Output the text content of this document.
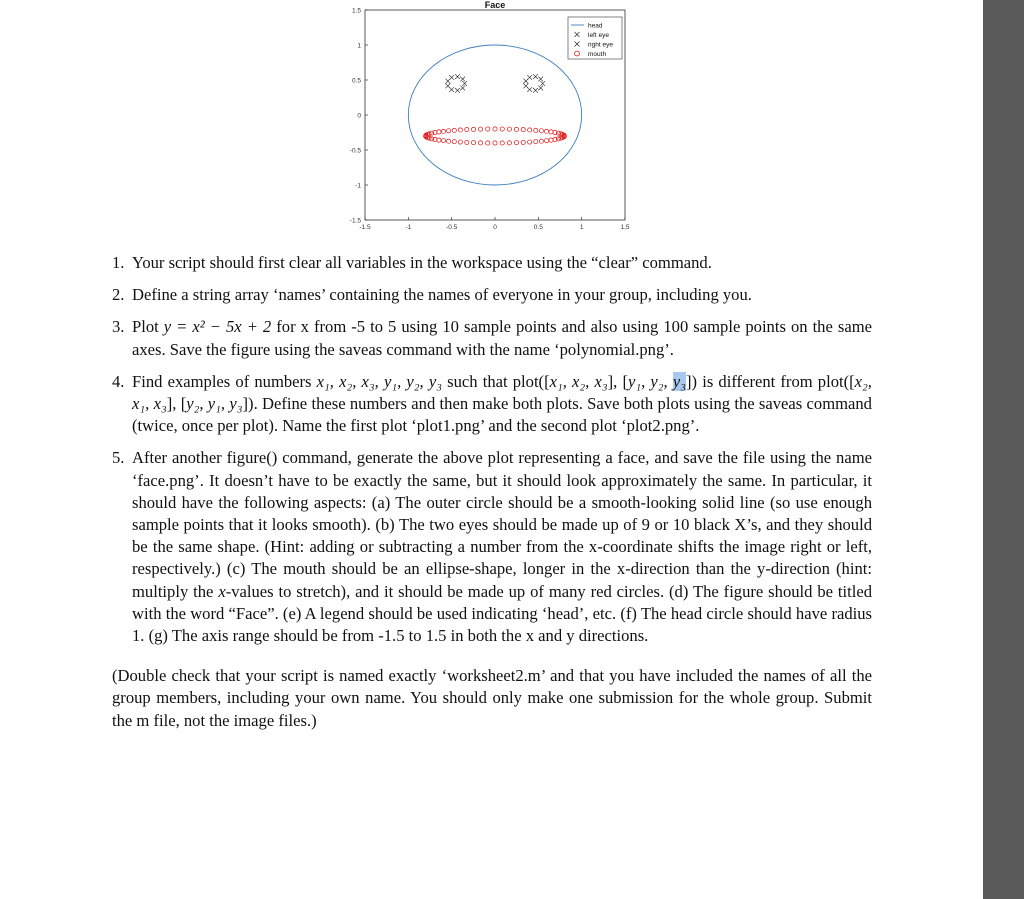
Face
-1.5	-1	-0.5	0	0.5	1	1.5
1.5
1
0.5
0
-0.5
-1
-1.5
head
left eye
right eye
mouth
1. Your script should first clear all variables in the workspace using the “clear” command.
2. Define a string array ‘names’ containing the names of everyone in your group, including you.
3. Plot y = x² − 5x + 2 for x from -5 to 5 using 10 sample points and also using 100 sample points on the same axes. Save the figure using the saveas command with the name ‘polynomial.png’.
4. Find examples of numbers x₁, x₂, x₃, y₁, y₂, y₃ such that plot([x₁, x₂, x₃], [y₁, y₂, y₃]) is different from plot([x₂, x₁, x₃], [y₂, y₁, y₃]). Define these numbers and then make both plots. Save both plots using the saveas command (twice, once per plot). Name the first plot ‘plot1.png’ and the second plot ‘plot2.png’.
5. After another figure() command, generate the above plot representing a face, and save the file using the name ‘face.png’. It doesn’t have to be exactly the same, but it should look approximately the same. In particular, it should have the following aspects: (a) The outer circle should be a smooth-looking solid line (so use enough sample points that it looks smooth). (b) The two eyes should be made up of 9 or 10 black X’s, and they should be the same shape. (Hint: adding or subtracting a number from the x-coordinate shifts the image right or left, respectively.) (c) The mouth should be an ellipse-shape, longer in the x-direction than the y-direction (hint: multiply the x-values to stretch), and it should be made up of many red circles. (d) The figure should be titled with the word “Face”. (e) A legend should be used indicating ‘head’, etc. (f) The head circle should have radius 1. (g) The axis range should be from -1.5 to 1.5 in both the x and y directions.

(Double check that your script is named exactly ‘worksheet2.m’ and that you have included the names of all the group members, including your own name. You should only make one submission for the whole group. Submit the m file, not the image files.)
